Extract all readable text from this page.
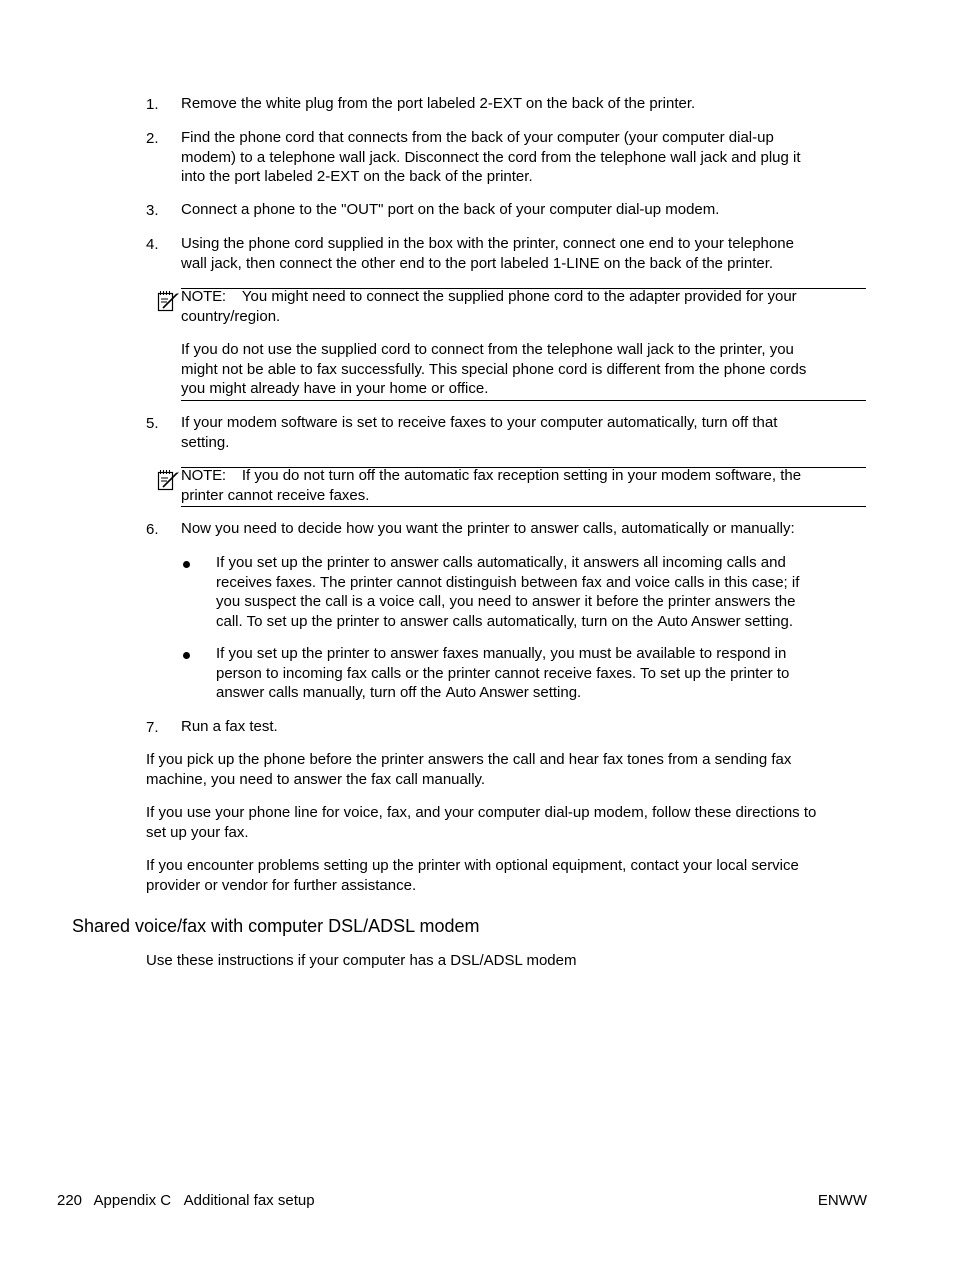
1. Remove the white plug from the port labeled 2-EXT on the back of the printer.
2. Find the phone cord that connects from the back of your computer (your computer dial-up
modem) to a telephone wall jack. Disconnect the cord from the telephone wall jack and plug it
into the port labeled 2-EXT on the back of the printer.
3. Connect a phone to the "OUT" port on the back of your computer dial-up modem.
4. Using the phone cord supplied in the box with the printer, connect one end to your telephone
wall jack, then connect the other end to the port labeled 1-LINE on the back of the printer.
NOTE: You might need to connect the supplied phone cord to the adapter provided for your
country/region.
If you do not use the supplied cord to connect from the telephone wall jack to the printer, you
might not be able to fax successfully. This special phone cord is different from the phone cords
you might already have in your home or office.
5. If your modem software is set to receive faxes to your computer automatically, turn off that
setting.
NOTE: If you do not turn off the automatic fax reception setting in your modem software, the
printer cannot receive faxes.
6. Now you need to decide how you want the printer to answer calls, automatically or manually:
If you set up the printer to answer calls automatically, it answers all incoming calls and
receives faxes. The printer cannot distinguish between fax and voice calls in this case; if
you suspect the call is a voice call, you need to answer it before the printer answers the
call. To set up the printer to answer calls automatically, turn on the Auto Answer setting.
If you set up the printer to answer faxes manually, you must be available to respond in
person to incoming fax calls or the printer cannot receive faxes. To set up the printer to
answer calls manually, turn off the Auto Answer setting.
7. Run a fax test.
If you pick up the phone before the printer answers the call and hear fax tones from a sending fax
machine, you need to answer the fax call manually.
If you use your phone line for voice, fax, and your computer dial-up modem, follow these directions to
set up your fax.
If you encounter problems setting up the printer with optional equipment, contact your local service
provider or vendor for further assistance.
Shared voice/fax with computer DSL/ADSL modem
Use these instructions if your computer has a DSL/ADSL modem
220 Appendix C Additional fax setup	ENWW
